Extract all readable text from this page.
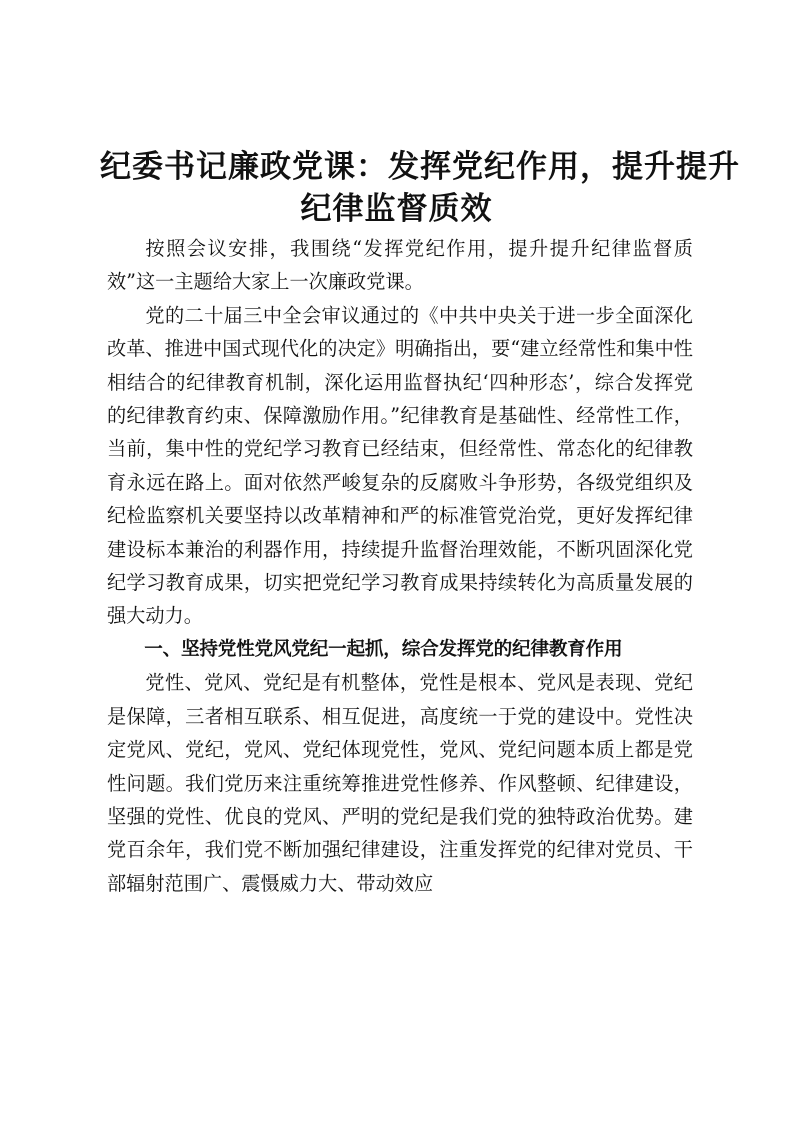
纪委书记廉政党课：发挥党纪作用，提升提升
纪律监督质效

按照会议安排，我围绕“发挥党纪作用，提升提升纪律监督质效”这一主题给大家上一次廉政党课。

党的二十届三中全会审议通过的《中共中央关于进一步全面深化改革、推进中国式现代化的决定》明确指出，要“建立经常性和集中性相结合的纪律教育机制，深化运用监督执纪‘四种形态’，综合发挥党的纪律教育约束、保障激励作用。”纪律教育是基础性、经常性工作，当前，集中性的党纪学习教育已经结束，但经常性、常态化的纪律教育永远在路上。面对依然严峻复杂的反腐败斗争形势，各级党组织及纪检监察机关要坚持以改革精神和严的标准管党治党，更好发挥纪律建设标本兼治的利器作用，持续提升监督治理效能，不断巩固深化党纪学习教育成果，切实把党纪学习教育成果持续转化为高质量发展的强大动力。

一、坚持党性党风党纪一起抓，综合发挥党的纪律教育作用

党性、党风、党纪是有机整体，党性是根本、党风是表现、党纪是保障，三者相互联系、相互促进，高度统一于党的建设中。党性决定党风、党纪，党风、党纪体现党性，党风、党纪问题本质上都是党性问题。我们党历来注重统筹推进党性修养、作风整顿、纪律建设，坚强的党性、优良的党风、严明的党纪是我们党的独特政治优势。建党百余年，我们党不断加强纪律建设，注重发挥党的纪律对党员、干部辐射范围广、震慑威力大、带动效应
